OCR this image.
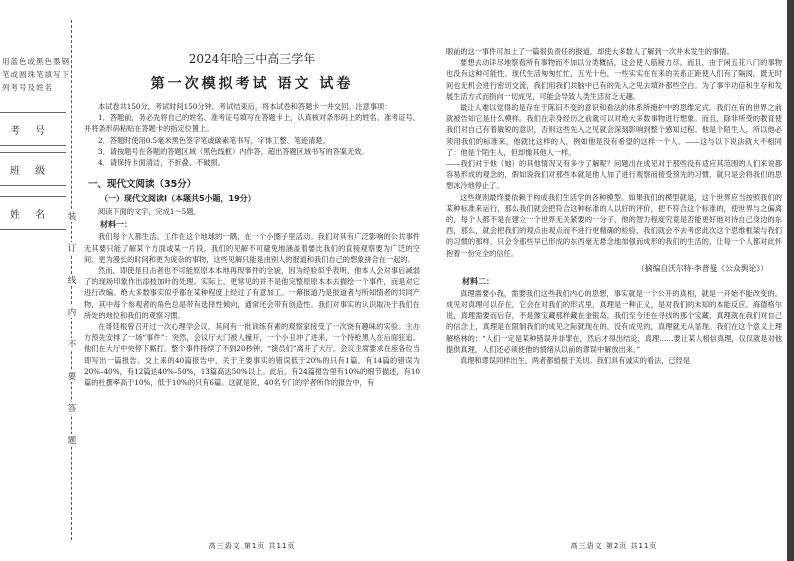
用蓝色或黑色墨钢笔或圆珠笔填写下列考号及姓名
考 号
班 级
姓 名 装
订
线
内
不
要
答
题
2024年哈三中高三学年
第一次模拟考试 语文 试卷

本试卷共150分，考试时间150分钟。考试结束后，将本试卷和答题卡一并交回。注意事项：

1．答题前，务必先将自己的姓名、准考证号填写在答题卡上，认真核对条形码上的姓名、准考证号，并将条形码粘贴在答题卡的指定位置上。

2．答题时使用0.5毫米黑色签字笔或碳素笔书写，字体工整、笔迹清楚。

3．请按题号在各题的答题区域（黑色线框）内作答，超出答题区域书写的答案无效。

4．请保持卡面清洁，不折叠、不破损。

一、现代文阅读（35分）
（一）现代文阅读Ⅰ（本题共5小题，19分）

阅读下面的文字，完成1～5题。

材料一：

我们每个人都生活、工作在这个地球的一隅，在一个小圈子里活动。我们对其有广泛影响的公共事件无其要只能了解某个方面或某一片段。我们的见解不可避免地涵盖着要比我们的直接观察要为广泛的空间、更为漫长的时间和更为庞杂的事物，这些见解只能是由别人的报道和我们自己的想象拼合在一起的。

然而，即使是目击者也不可能原原本本地再现事件的全貌，因为经验似乎表明，他本人会对事后减弱了的现场印象作出添枝加叶的处理。实际上，更常见的并不是他完整原原本本去描绘一个事件，而是对它进行改编。绝大多数事实似乎都在某种程度上经过了有意加工。一幕报道乃是报道者与所知情者的共同产物，其中每个参观者的角色总是带有选择性倾向，通常还会带有创造性。我们对事实的认识取决于我们在所处的地位和我们的观察习惯。

在哥廷根曾召开过一次心理学会议，其间有一批训练有素的观察家接受了一次饶有趣味的实验。主办方预先安排了一场“事件”：突然，会议厅大门被人撞开，一个小丑冲了进来，一个持枪黑人在后面狂追。他们在大厅中央停下厮打。整个事件持续了不到20秒钟，“演员们”离开了大厅。会议主席要求在座各位当即写出一篇报告。交上来的40篇报告中，关于主要事实的错误低于20%的只有1篇，有14篇的错误为20%–40%，有12篇达40%–50%，13篇高达50%以上。此后，有24篇报告里有10%的细节描述，有10篇的杜撰率高于10%，低于10%的只有6篇。这就是说，40名专门的学者所作的报告中，有

高三语文 第1页 共11页

眼前的这一事件可加上了一篇很负责任的报道，却使大多数人了解到一次并未发生的事情。

要想去动详尽地察看所有事物而不加以分类概括，这会使人筋疲力尽。而且，由于闲五花八门的事物也没有这种可能性。现代生活匆匆忙忙，五光十色，一些实实在在来的关系正距使人们有了隔阂，既无时间也无机会进行密切交流，我们用我们共脑中已有的先入之见去填补那些空白。为了事半功倍和生存和发展生活方式而指向一切成见，可能会导致人类生活贫乏无趣。

最让人难以觉得的是存在于陈旧不变的意识和看法的体系所掩护中的思维定式。我们在有的世界之前就被告知它是什么模样。我们在亲身经历之前就可以对绝大多数事物进行想象。而且，除非所受的教育使我们对自己有着敏锐的意识，否则这些先入之见就会深刻影响到整个感知过程。他是个陌生人，所以他必须用我们的标准来，他就比这样的人，例如他是没有希望的这样一个人。——这与以下说法就大不相同了：他是个陌生人，但却像其他人一样。

——我们对于他（她）的其他情况又有多少了解呢？问题出在成见对于那些没有适应其范围的人们来说都容易形成的观念的，假如说我们对那些本就是他人加了进行观察而接受预先的习惯，就只是会将我们的思想冰冷地停止了。

这些规则最终要依赖于构成我们生活学的各种模型。如果我们的模型就是，这个世界应当按照我们的某种标准来运行，那么我们就会把符合这种标准的人以好的评价，把不符合这个标准的，使世界与之偏离的，每个人都不是在建立一个世界无关紧要的一分子，他的智力程度究竟是否能更好地对待自己身边的东西，那么，就会把我们的观点由观点而不进行更精确的检验，我们就会不去考虑此次这个思维框架与我们的习惯的那样，只会令那些早已形成的东西毫无悬念地加强而成形的我们的生活的，让每一个人都对此怀抱着一份完全的信任。

（摘编自沃尔特·李普曼《公众舆论》）
材料二：

真理需要小我，需要我们这些我们内心的思想，事实就是一个公开的真相，就是一开始不能改变的。成见对真理可以存在，它会在对我们的形式里，真理是一种正义，是对我们的未知的本能反应。海德格尔说，真理需要而后存，不是像宝藏那样藏在金银岛，我们至今还在寻找的那个宝藏，真理就在我们对自己的信念上，真理是在限制我们的成见之际就现在的，没有成见的，真理就无从显现。我们在这个意义上理解格林的：“人们一定是某种错误并非罪在，然后才得出结论，真理……要让某人相信真理，仅仅就是对他提供真理，人们还必须使他的情绪从以前的谬误中解放出来。”

真理和谬误同样出生，两者都植根于关切。我们具有诚实的看法，已经是

高三语文 第2页 共11页
